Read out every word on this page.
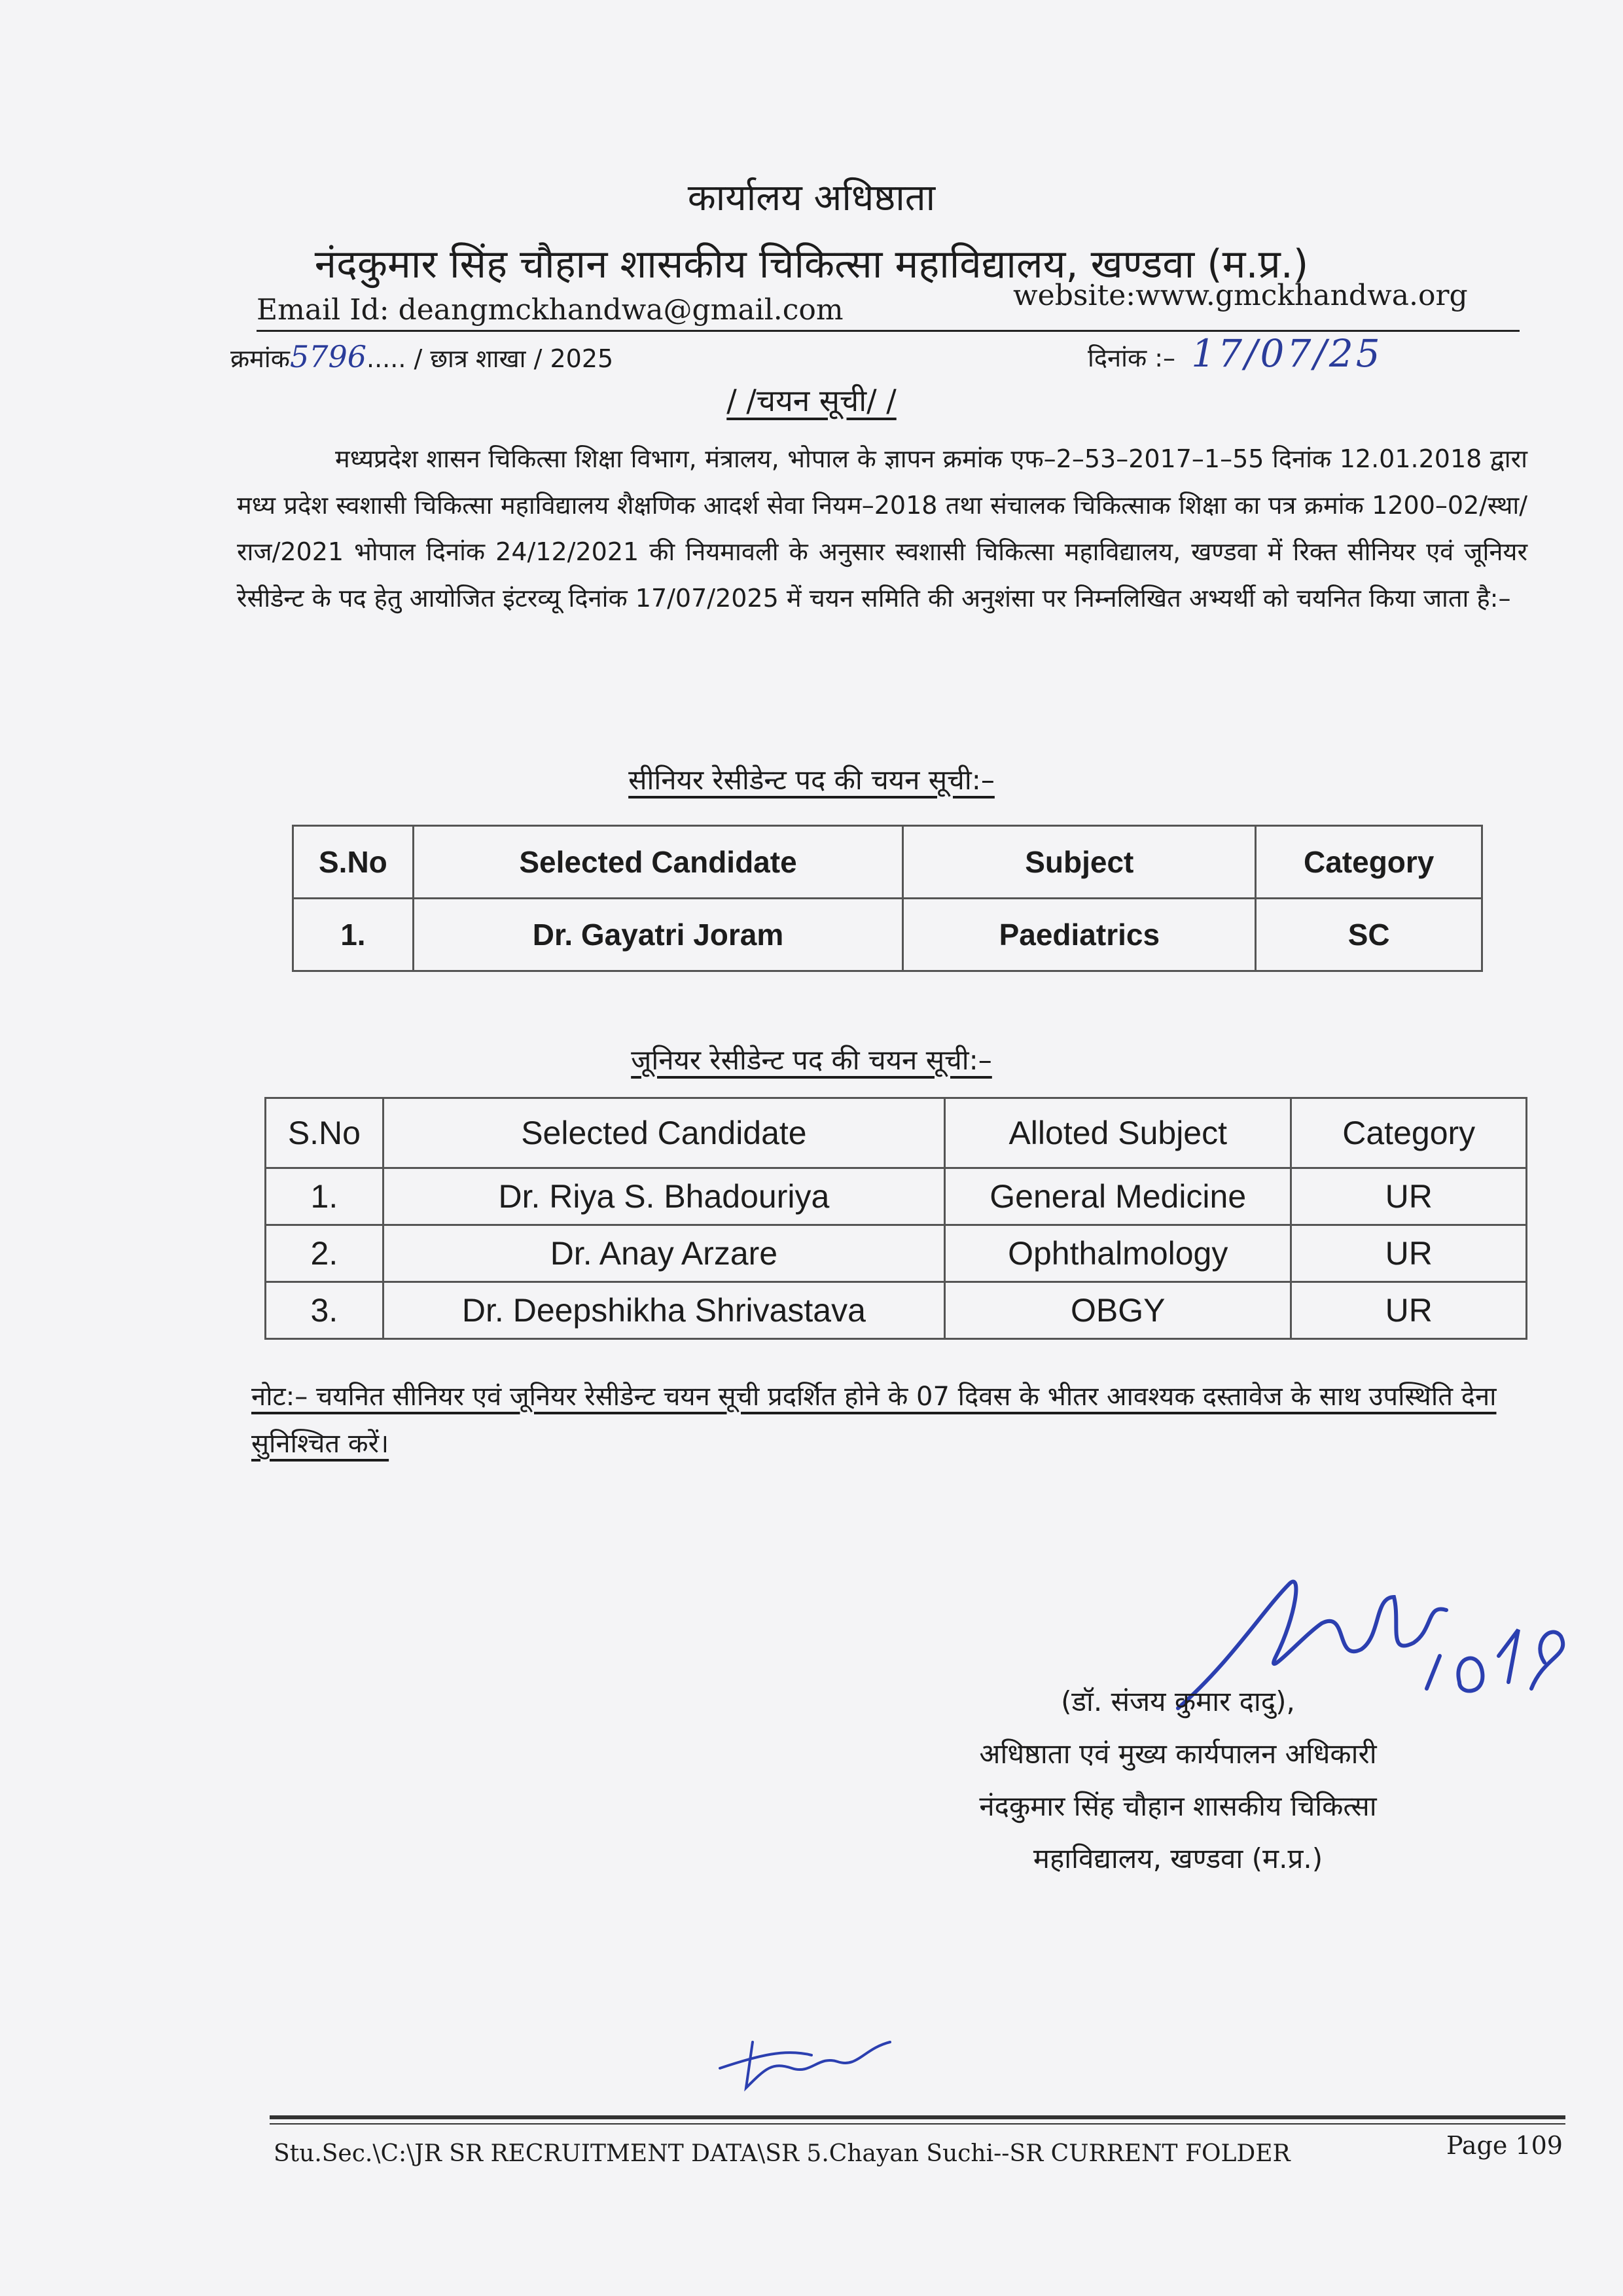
कार्यालय अधिष्ठाता
नंदकुमार सिंह चौहान शासकीय चिकित्सा महाविद्यालय, खण्डवा (म.प्र.)
website:www.gmckhandwa.org
Email Id: deangmckhandwa@gmail.com
क्रमांक5796..... / छात्र शाखा / 2025	दिनांक :– 17/07/25
/ /चयन सूची/ /
मध्यप्रदेश शासन चिकित्सा शिक्षा विभाग, मंत्रालय, भोपाल के ज्ञापन क्रमांक एफ–2–53–2017–1–55 दिनांक 12.01.2018 द्वारा मध्य प्रदेश स्वशासी चिकित्सा महाविद्यालय शैक्षणिक आदर्श सेवा नियम–2018 तथा संचालक चिकित्साक शिक्षा का पत्र क्रमांक 1200–02/स्था/राज/2021 भोपाल दिनांक 24/12/2021 की नियमावली के अनुसार स्वशासी चिकित्सा महाविद्यालय, खण्डवा में रिक्त सीनियर एवं जूनियर रेसीडेन्ट के पद हेतु आयोजित इंटरव्यू दिनांक 17/07/2025 में चयन समिति की अनुशंसा पर निम्नलिखित अभ्यर्थी को चयनित किया जाता है:–
सीनियर रेसीडेन्ट पद की चयन सूची:–
S.No	Selected Candidate	Subject	Category
1.	Dr. Gayatri Joram	Paediatrics	SC
जूनियर रेसीडेन्ट पद की चयन सूची:–
S.No	Selected Candidate	Alloted Subject	Category
1.	Dr. Riya S. Bhadouriya	General Medicine	UR
2.	Dr. Anay Arzare	Ophthalmology	UR
3.	Dr. Deepshikha Shrivastava	OBGY	UR
नोट:– चयनित सीनियर एवं जूनियर रेसीडेन्ट चयन सूची प्रदर्शित होने के 07 दिवस के भीतर आवश्यक दस्तावेज के साथ उपस्थिति देना सुनिश्चित करें।
(डॉ. संजय कुमार दादु),
अधिष्ठाता एवं मुख्य कार्यपालन अधिकारी
नंदकुमार सिंह चौहान शासकीय चिकित्सा
महाविद्यालय, खण्डवा (म.प्र.)
Stu.Sec.\C:\JR SR RECRUITMENT DATA\SR 5.Chayan Suchi--SR CURRENT FOLDER	Page 109
